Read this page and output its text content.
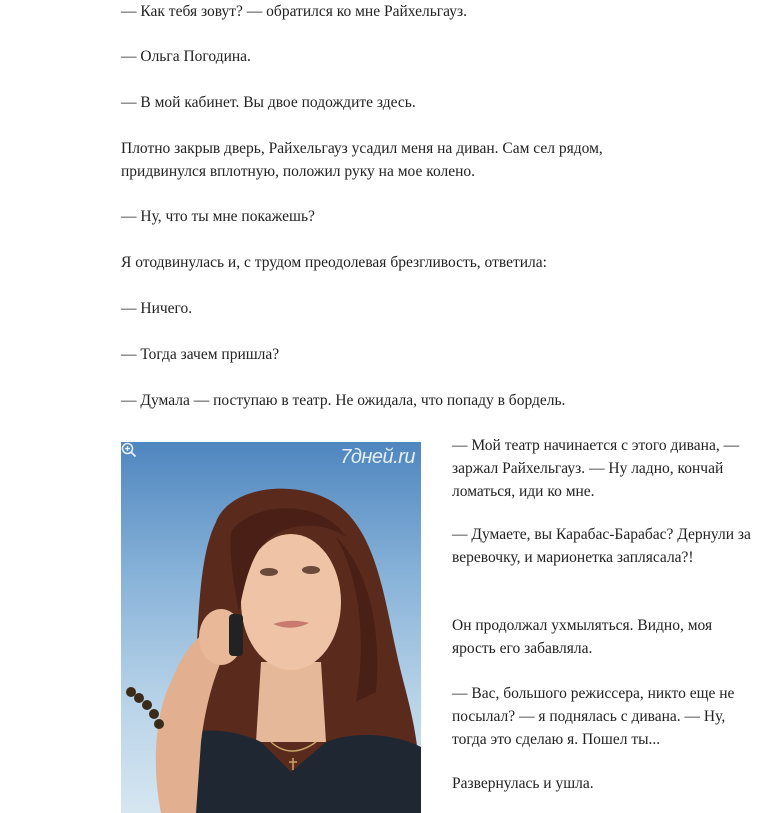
— Как тебя зовут? — обратился ко мне Райхельгауз.

— Ольга Погодина.

— В мой кабинет. Вы двое подождите здесь.

Плотно закрыв дверь, Райхельгауз усадил меня на диван. Сам сел рядом, придвинулся вплотную, положил руку на мое колено.

— Ну, что ты мне покажешь?

Я отодвинулась и, с трудом преодолевая брезгливость, ответила:

— Ничего.

— Тогда зачем пришла?

— Думала — поступаю в театр. Не ожидала, что попаду в бордель.

7дней.ru

— Мой театр начинается с этого дивана, — заржал Райхельгауз. — Ну ладно, кончай ломаться, иди ко мне.

— Думаете, вы Карабас-Барабас? Дернули за веревочку, и марионетка заплясала?!

Он продолжал ухмыляться. Видно, моя ярость его забавляла.

— Вас, большого режиссера, никто еще не посылал? — я поднялась с дивана. — Ну, тогда это сделаю я. Пошел ты...

Развернулась и ушла.
